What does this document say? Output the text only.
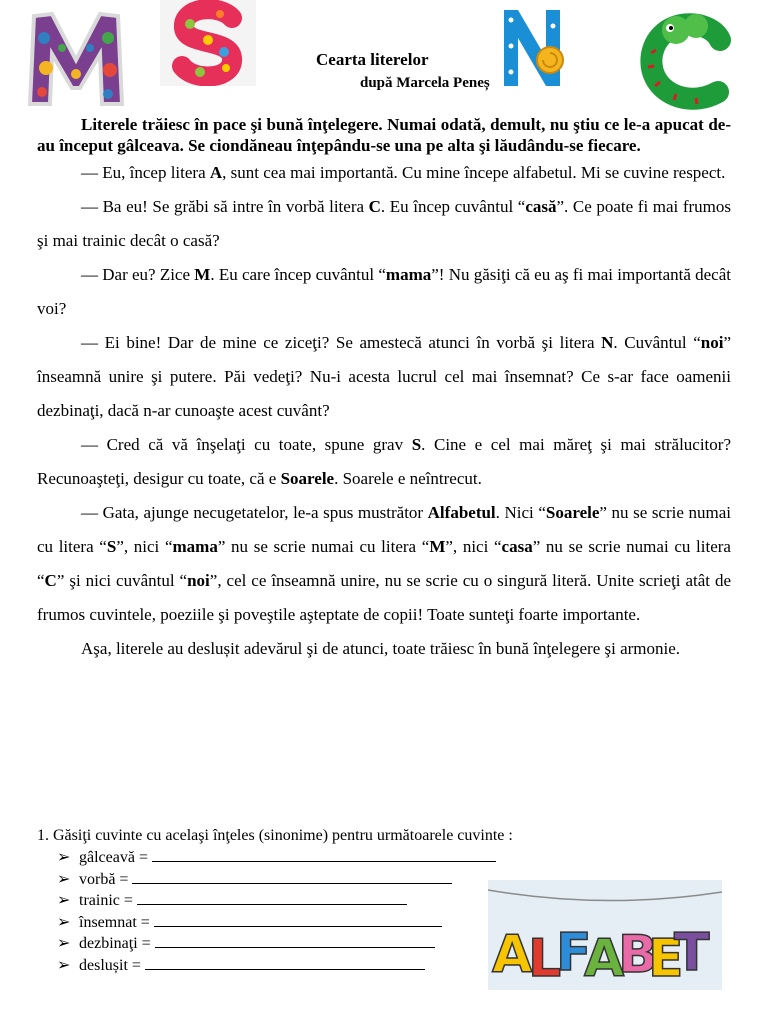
Cearta literelor
după Marcela Peneș

Literele trăiesc în pace şi bună înţelegere. Numai odată, demult, nu ştiu ce le-a apucat de-au început gâlceava. Se ciondăneau înţepându-se una pe alta şi lăudându-se fiecare.

— Eu, încep litera A, sunt cea mai importantă. Cu mine începe alfabetul. Mi se cuvine respect.

— Ba eu! Se grăbi să intre în vorbă litera C. Eu încep cuvântul “casă”. Ce poate fi mai frumos şi mai trainic decât o casă?

— Dar eu? Zice M. Eu care încep cuvântul “mama”! Nu găsiţi că eu aş fi mai importantă decât voi?

— Ei bine! Dar de mine ce ziceţi? Se amestecă atunci în vorbă şi litera N. Cuvântul “noi” înseamnă unire şi putere. Păi vedeţi? Nu-i acesta lucrul cel mai însemnat? Ce s-ar face oamenii dezbinaţi, dacă n-ar cunoaşte acest cuvânt?

— Cred că vă înşelaţi cu toate, spune grav S. Cine e cel mai măreţ şi mai strălucitor? Recunoaşteţi, desigur cu toate, că e Soarele. Soarele e neîntrecut.

— Gata, ajunge necugetatelor, le-a spus mustrător Alfabetul. Nici “Soarele” nu se scrie numai cu litera “S”, nici “mama” nu se scrie numai cu litera “M”, nici “casa” nu se scrie numai cu litera “C” şi nici cuvântul “noi”, cel ce înseamnă unire, nu se scrie cu o singură literă. Unite scrieţi atât de frumos cuvintele, poeziile şi poveştile aşteptate de copii! Toate sunteţi foarte importante.

Aşa, literele au deslușit adevărul şi de atunci, toate trăiesc în bună înţelegere şi armonie.

1. Găsiţi cuvinte cu acelaşi înţeles (sinonime) pentru următoarele cuvinte :

➢ gâlceavă =
➢ vorbă =
➢ trainic =
➢ însemnat =
➢ dezbinaţi =
➢ deslușit =	A
L
F
A
B
E
T
